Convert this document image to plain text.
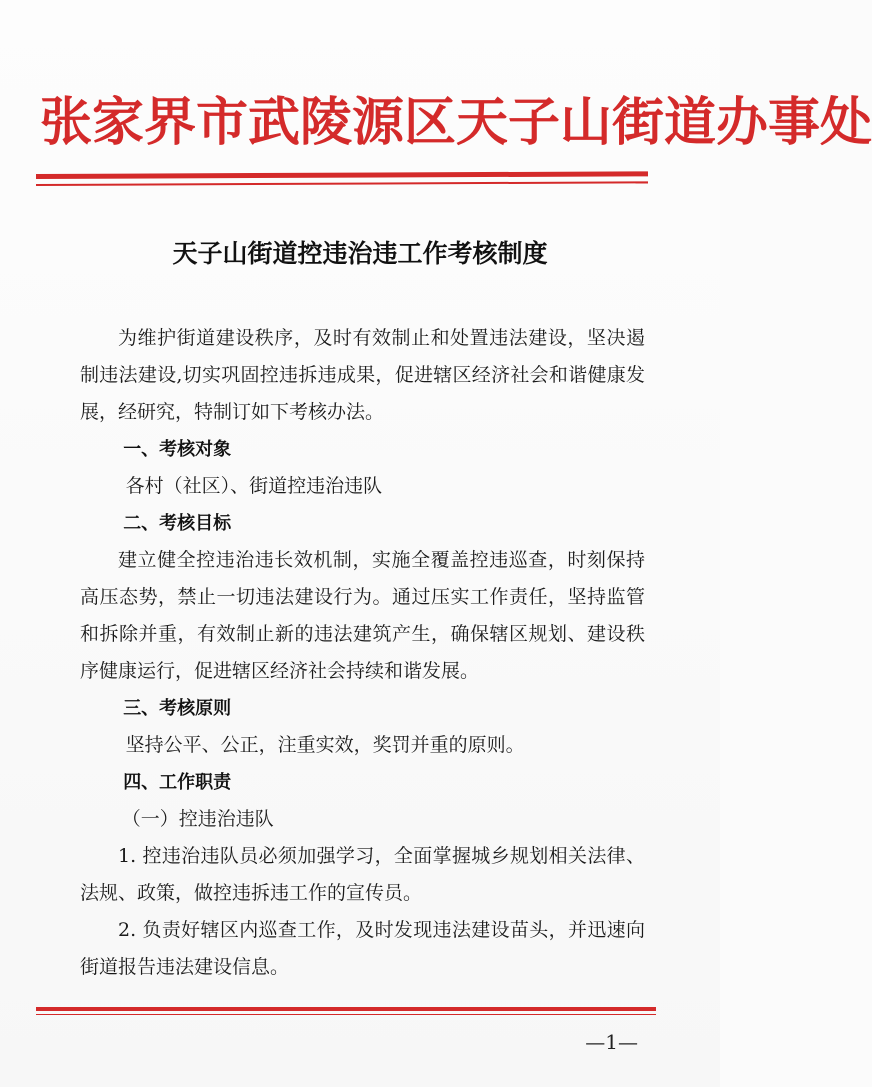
张家界市武陵源区天子山街道办事处
天子山街道控违治违工作考核制度

为维护街道建设秩序，及时有效制止和处置违法建设，坚决遏制违法建设,切实巩固控违拆违成果，促进辖区经济社会和谐健康发展，经研究，特制订如下考核办法。

一、考核对象

各村（社区）、街道控违治违队

二、考核目标

建立健全控违治违长效机制，实施全覆盖控违巡查，时刻保持高压态势，禁止一切违法建设行为。通过压实工作责任，坚持监管和拆除并重，有效制止新的违法建筑产生，确保辖区规划、建设秩序健康运行，促进辖区经济社会持续和谐发展。

三、考核原则

坚持公平、公正，注重实效，奖罚并重的原则。

四、工作职责

（一）控违治违队

1. 控违治违队员必须加强学习，全面掌握城乡规划相关法律、法规、政策，做控违拆违工作的宣传员。

2. 负责好辖区内巡查工作，及时发现违法建设苗头，并迅速向街道报告违法建设信息。

—1—
